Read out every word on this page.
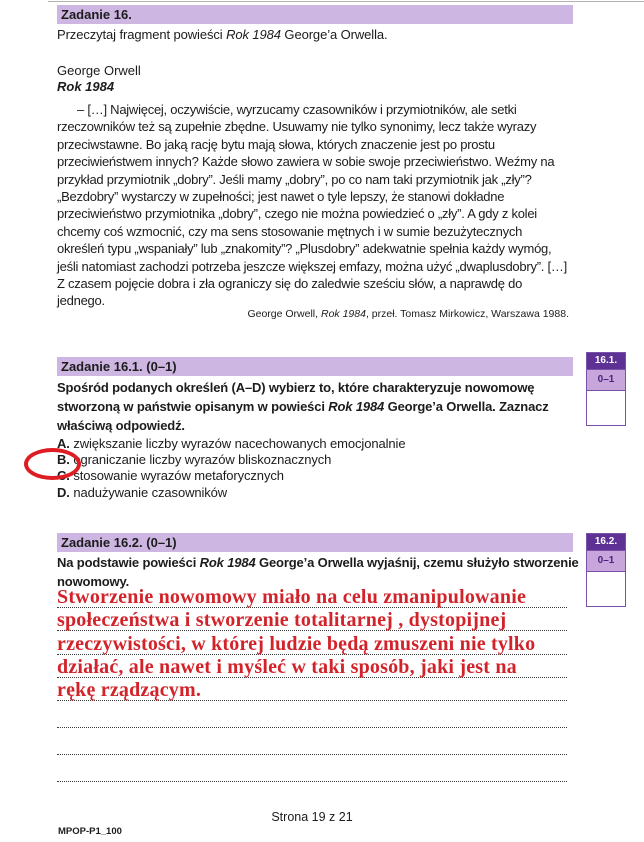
Zadanie 16.
Przeczytaj fragment powieści Rok 1984 George’a Orwella.
George Orwell
Rok 1984
– […] Najwięcej, oczywiście, wyrzucamy czasowników i przymiotników, ale setki
rzeczowników też są zupełnie zbędne. Usuwamy nie tylko synonimy, lecz także wyrazy
przeciwstawne. Bo jaką rację bytu mają słowa, których znaczenie jest po prostu
przeciwieństwem innych? Każde słowo zawiera w sobie swoje przeciwieństwo. Weźmy na
przykład przymiotnik „dobry”. Jeśli mamy „dobry”, po co nam taki przymiotnik jak „zły”?
„Bezdobry” wystarczy w zupełności; jest nawet o tyle lepszy, że stanowi dokładne
przeciwieństwo przymiotnika „dobry”, czego nie można powiedzieć o „zły”. A gdy z kolei
chcemy coś wzmocnić, czy ma sens stosowanie mętnych i w sumie bezużytecznych
określeń typu „wspaniały” lub „znakomity”? „Plusdobry” adekwatnie spełnia każdy wymóg,
jeśli natomiast zachodzi potrzeba jeszcze większej emfazy, można użyć „dwaplusdobry”. […]
Z czasem pojęcie dobra i zła ograniczy się do zaledwie sześciu słów, a naprawdę do
jednego.
George Orwell, Rok 1984, przeł. Tomasz Mirkowicz, Warszawa 1988.
Zadanie 16.1. (0–1)
Spośród podanych określeń (A–D) wybierz to, które charakteryzuje nowomowę
stworzoną w państwie opisanym w powieści Rok 1984 George’a Orwella. Zaznacz
właściwą odpowiedź.
A. zwiększanie liczby wyrazów nacechowanych emocjonalnie
B. ograniczanie liczby wyrazów bliskoznacznych
C. stosowanie wyrazów metaforycznych
D. nadużywanie czasowników
16.1.
0–1
Zadanie 16.2. (0–1)
Na podstawie powieści Rok 1984 George’a Orwella wyjaśnij, czemu służyło stworzenie
nowomowy.
16.2.
0–1
Stworzenie nowomowy miało na celu zmanipulowanie
społeczeństwa i stworzenie totalitarnej , dystopijnej
rzeczywistości, w której ludzie będą zmuszeni nie tylko
działać, ale nawet i myśleć w taki sposób, jaki jest na
rękę rządzącym.
Strona 19 z 21
MPOP-P1_100
